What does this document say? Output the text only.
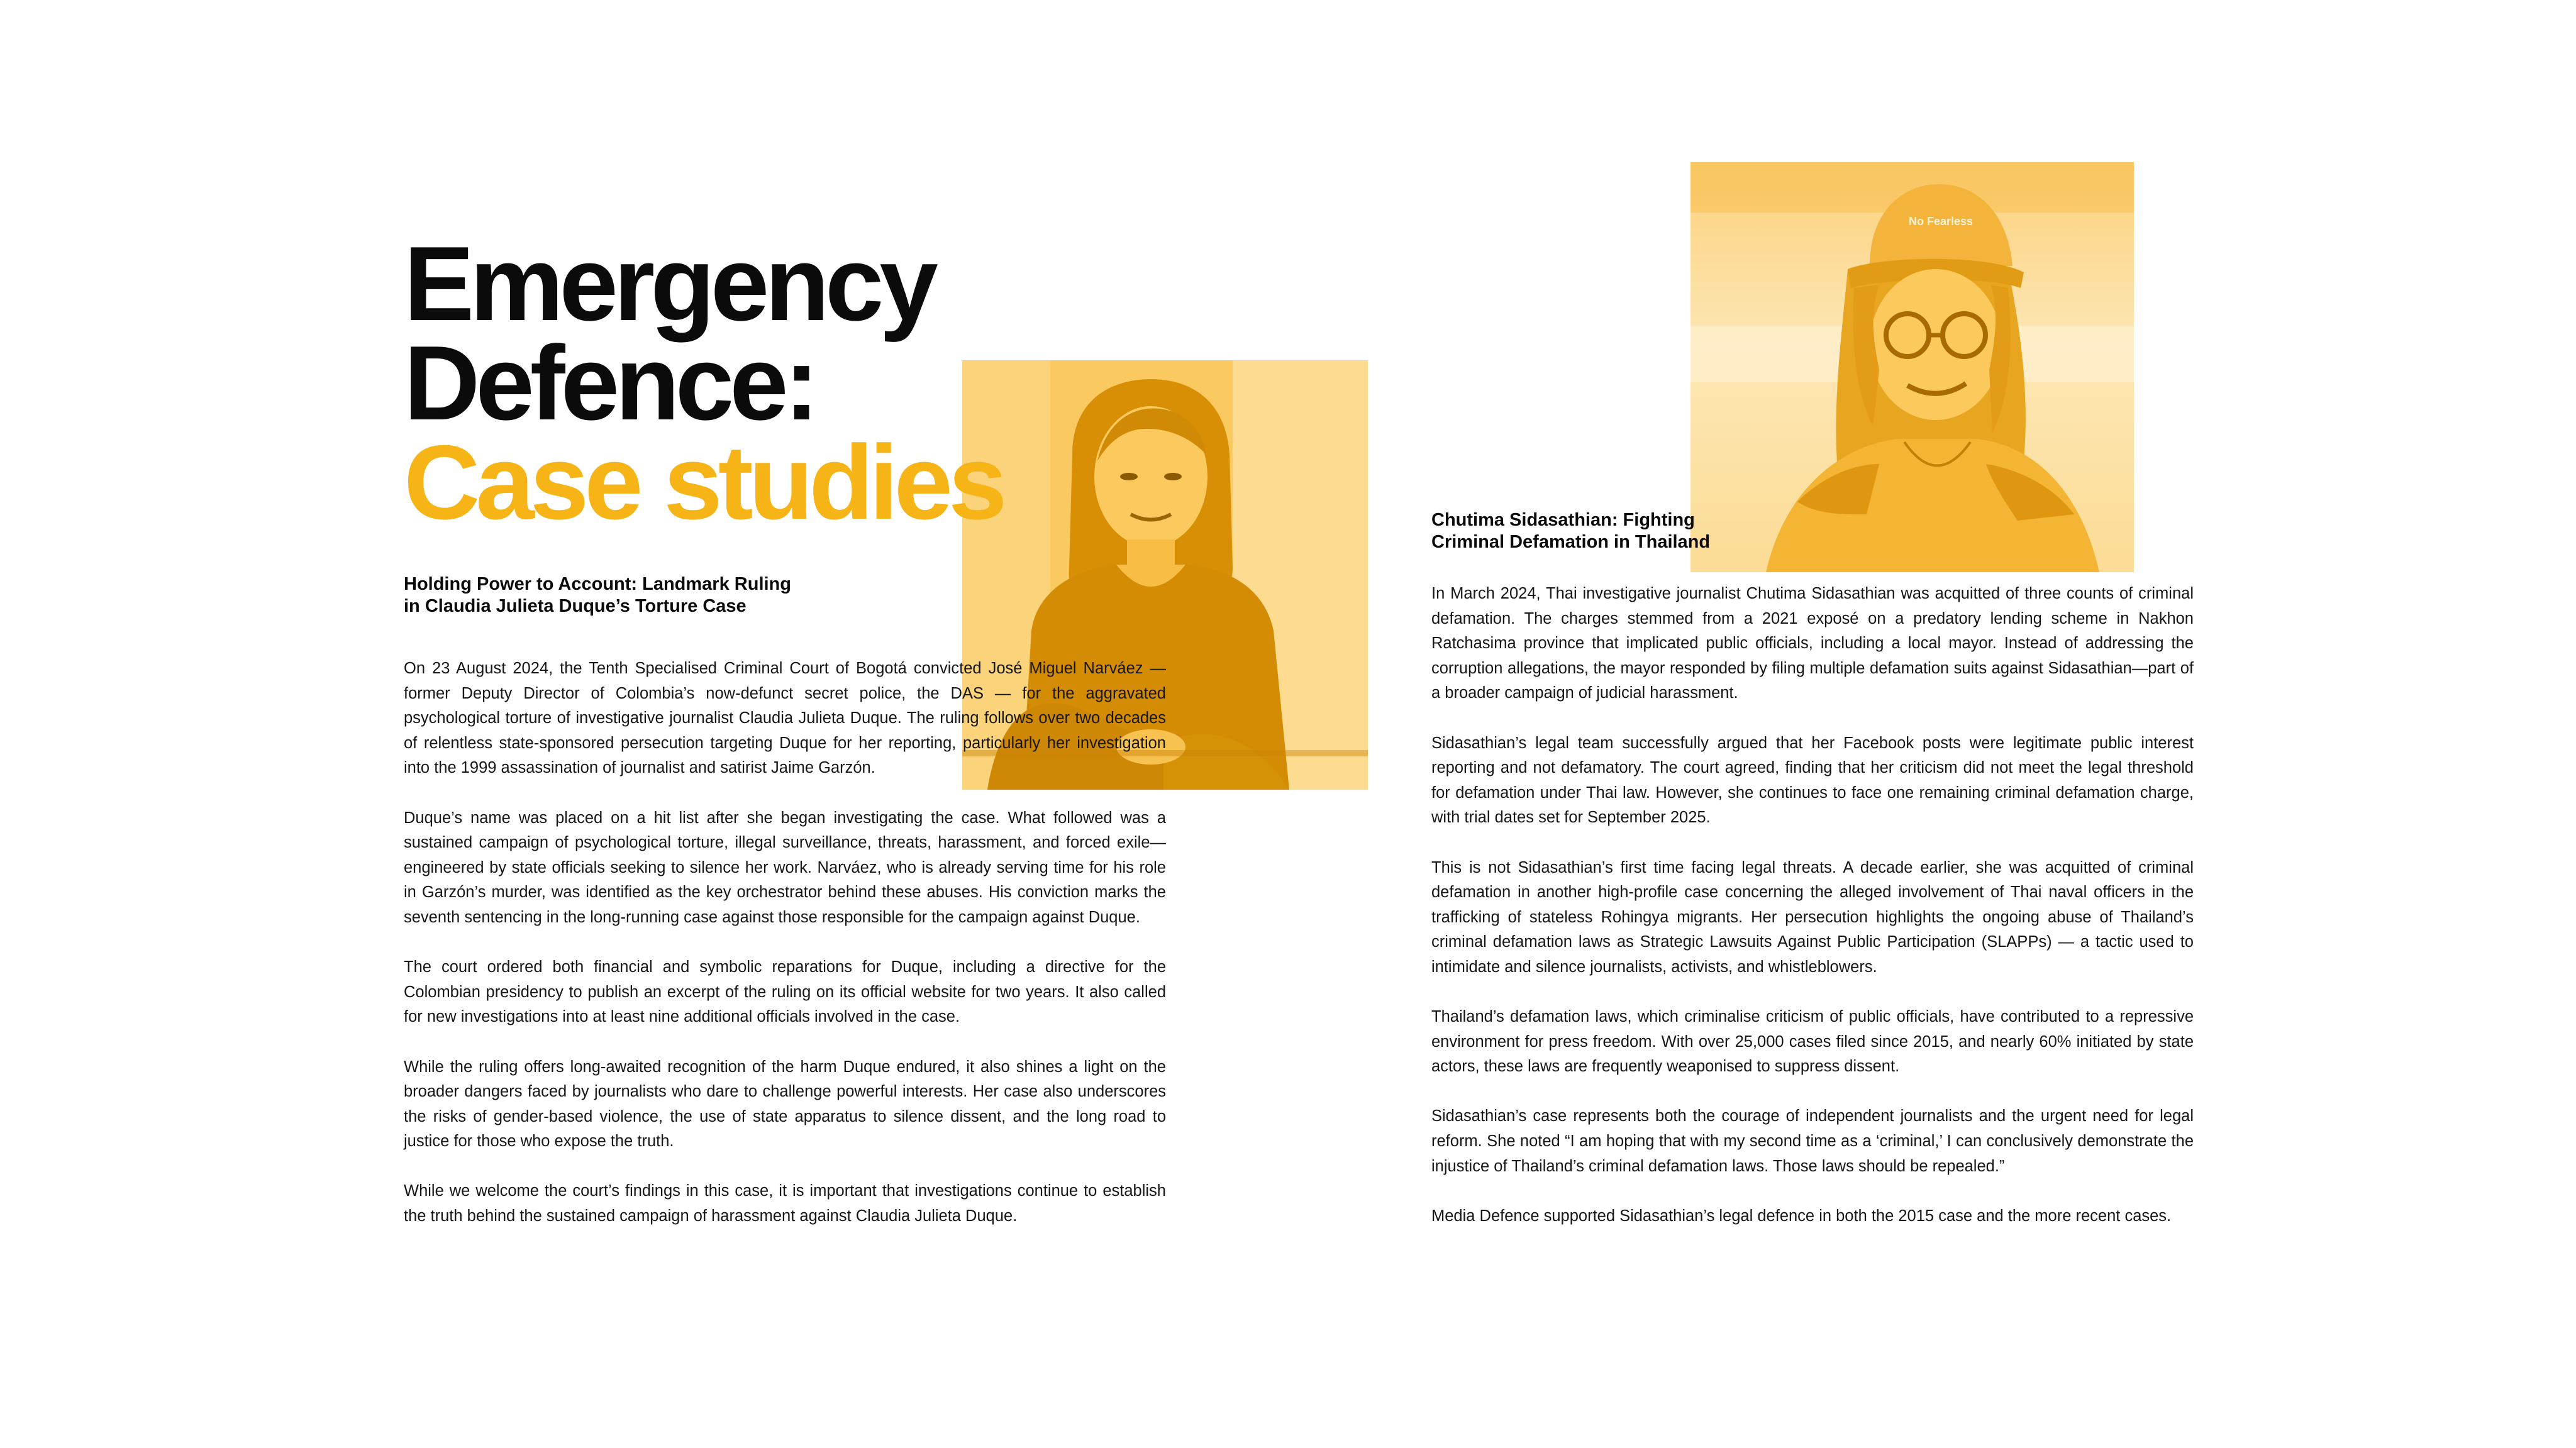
No Fearless
Emergency
Defence:
Case studies
Holding Power to Account: Landmark Ruling
in Claudia Julieta Duque’s Torture Case

On 23 August 2024, the Tenth Specialised Criminal Court of Bogotá convicted José Miguel Narváez — former Deputy Director of Colombia’s now-defunct secret police, the DAS — for the aggravated psychological torture of investigative journalist Claudia Julieta Duque. The ruling follows over two decades of relentless state-sponsored persecution targeting Duque for her reporting, particularly her investigation into the 1999 assassination of journalist and satirist Jaime Garzón.

Duque’s name was placed on a hit list after she began investigating the case. What followed was a sustained campaign of psychological torture, illegal surveillance, threats, harassment, and forced exile—engineered by state officials seeking to silence her work. Narváez, who is already serving time for his role in Garzón’s murder, was identified as the key orchestrator behind these abuses. His conviction marks the seventh sentencing in the long-running case against those responsible for the campaign against Duque.

The court ordered both financial and symbolic reparations for Duque, including a directive for the Colombian presidency to publish an excerpt of the ruling on its official website for two years. It also called for new investigations into at least nine additional officials involved in the case.

While the ruling offers long-awaited recognition of the harm Duque endured, it also shines a light on the broader dangers faced by journalists who dare to challenge powerful interests. Her case also underscores the risks of gender-based violence, the use of state apparatus to silence dissent, and the long road to justice for those who expose the truth.

While we welcome the court’s findings in this case, it is important that investigations continue to establish the truth behind the sustained campaign of harassment against Claudia Julieta Duque.

Chutima Sidasathian: Fighting
Criminal Defamation in Thailand

In March 2024, Thai investigative journalist Chutima Sidasathian was acquitted of three counts of criminal defamation. The charges stemmed from a 2021 exposé on a predatory lending scheme in Nakhon Ratchasima province that implicated public officials, including a local mayor. Instead of addressing the corruption allegations, the mayor responded by filing multiple defamation suits against Sidasathian—part of a broader campaign of judicial harassment.

Sidasathian’s legal team successfully argued that her Facebook posts were legitimate public interest reporting and not defamatory. The court agreed, finding that her criticism did not meet the legal threshold for defamation under Thai law. However, she continues to face one remaining criminal defamation charge, with trial dates set for September 2025.

This is not Sidasathian’s first time facing legal threats. A decade earlier, she was acquitted of criminal defamation in another high-profile case concerning the alleged involvement of Thai naval officers in the trafficking of stateless Rohingya migrants. Her persecution highlights the ongoing abuse of Thailand’s criminal defamation laws as Strategic Lawsuits Against Public Participation (SLAPPs) — a tactic used to intimidate and silence journalists, activists, and whistleblowers.

Thailand’s defamation laws, which criminalise criticism of public officials, have contributed to a repressive environment for press freedom. With over 25,000 cases filed since 2015, and nearly 60% initiated by state actors, these laws are frequently weaponised to suppress dissent.

Sidasathian’s case represents both the courage of independent journalists and the urgent need for legal reform. She noted “I am hoping that with my second time as a ‘criminal,’ I can conclusively demonstrate the injustice of Thailand’s criminal defamation laws. Those laws should be repealed.”

Media Defence supported Sidasathian’s legal defence in both the 2015 case and the more recent cases.
